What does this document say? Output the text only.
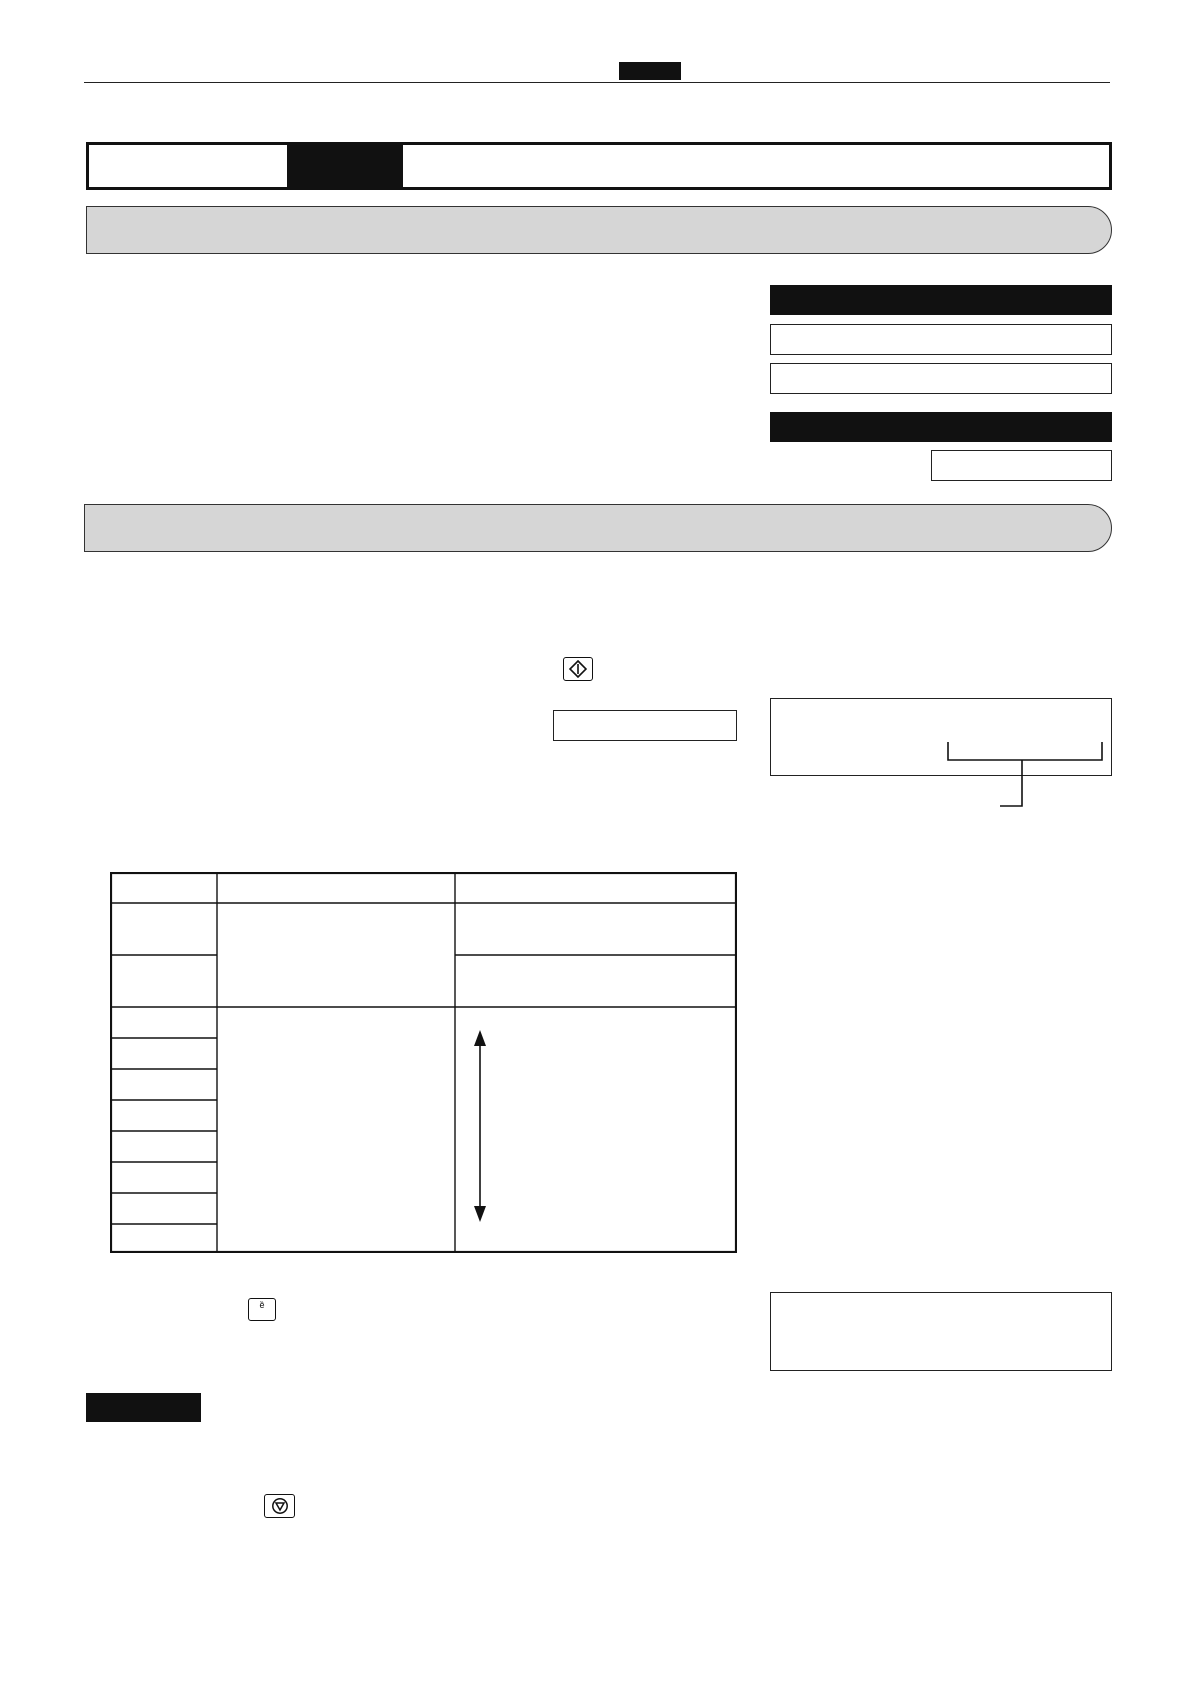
ȅ
